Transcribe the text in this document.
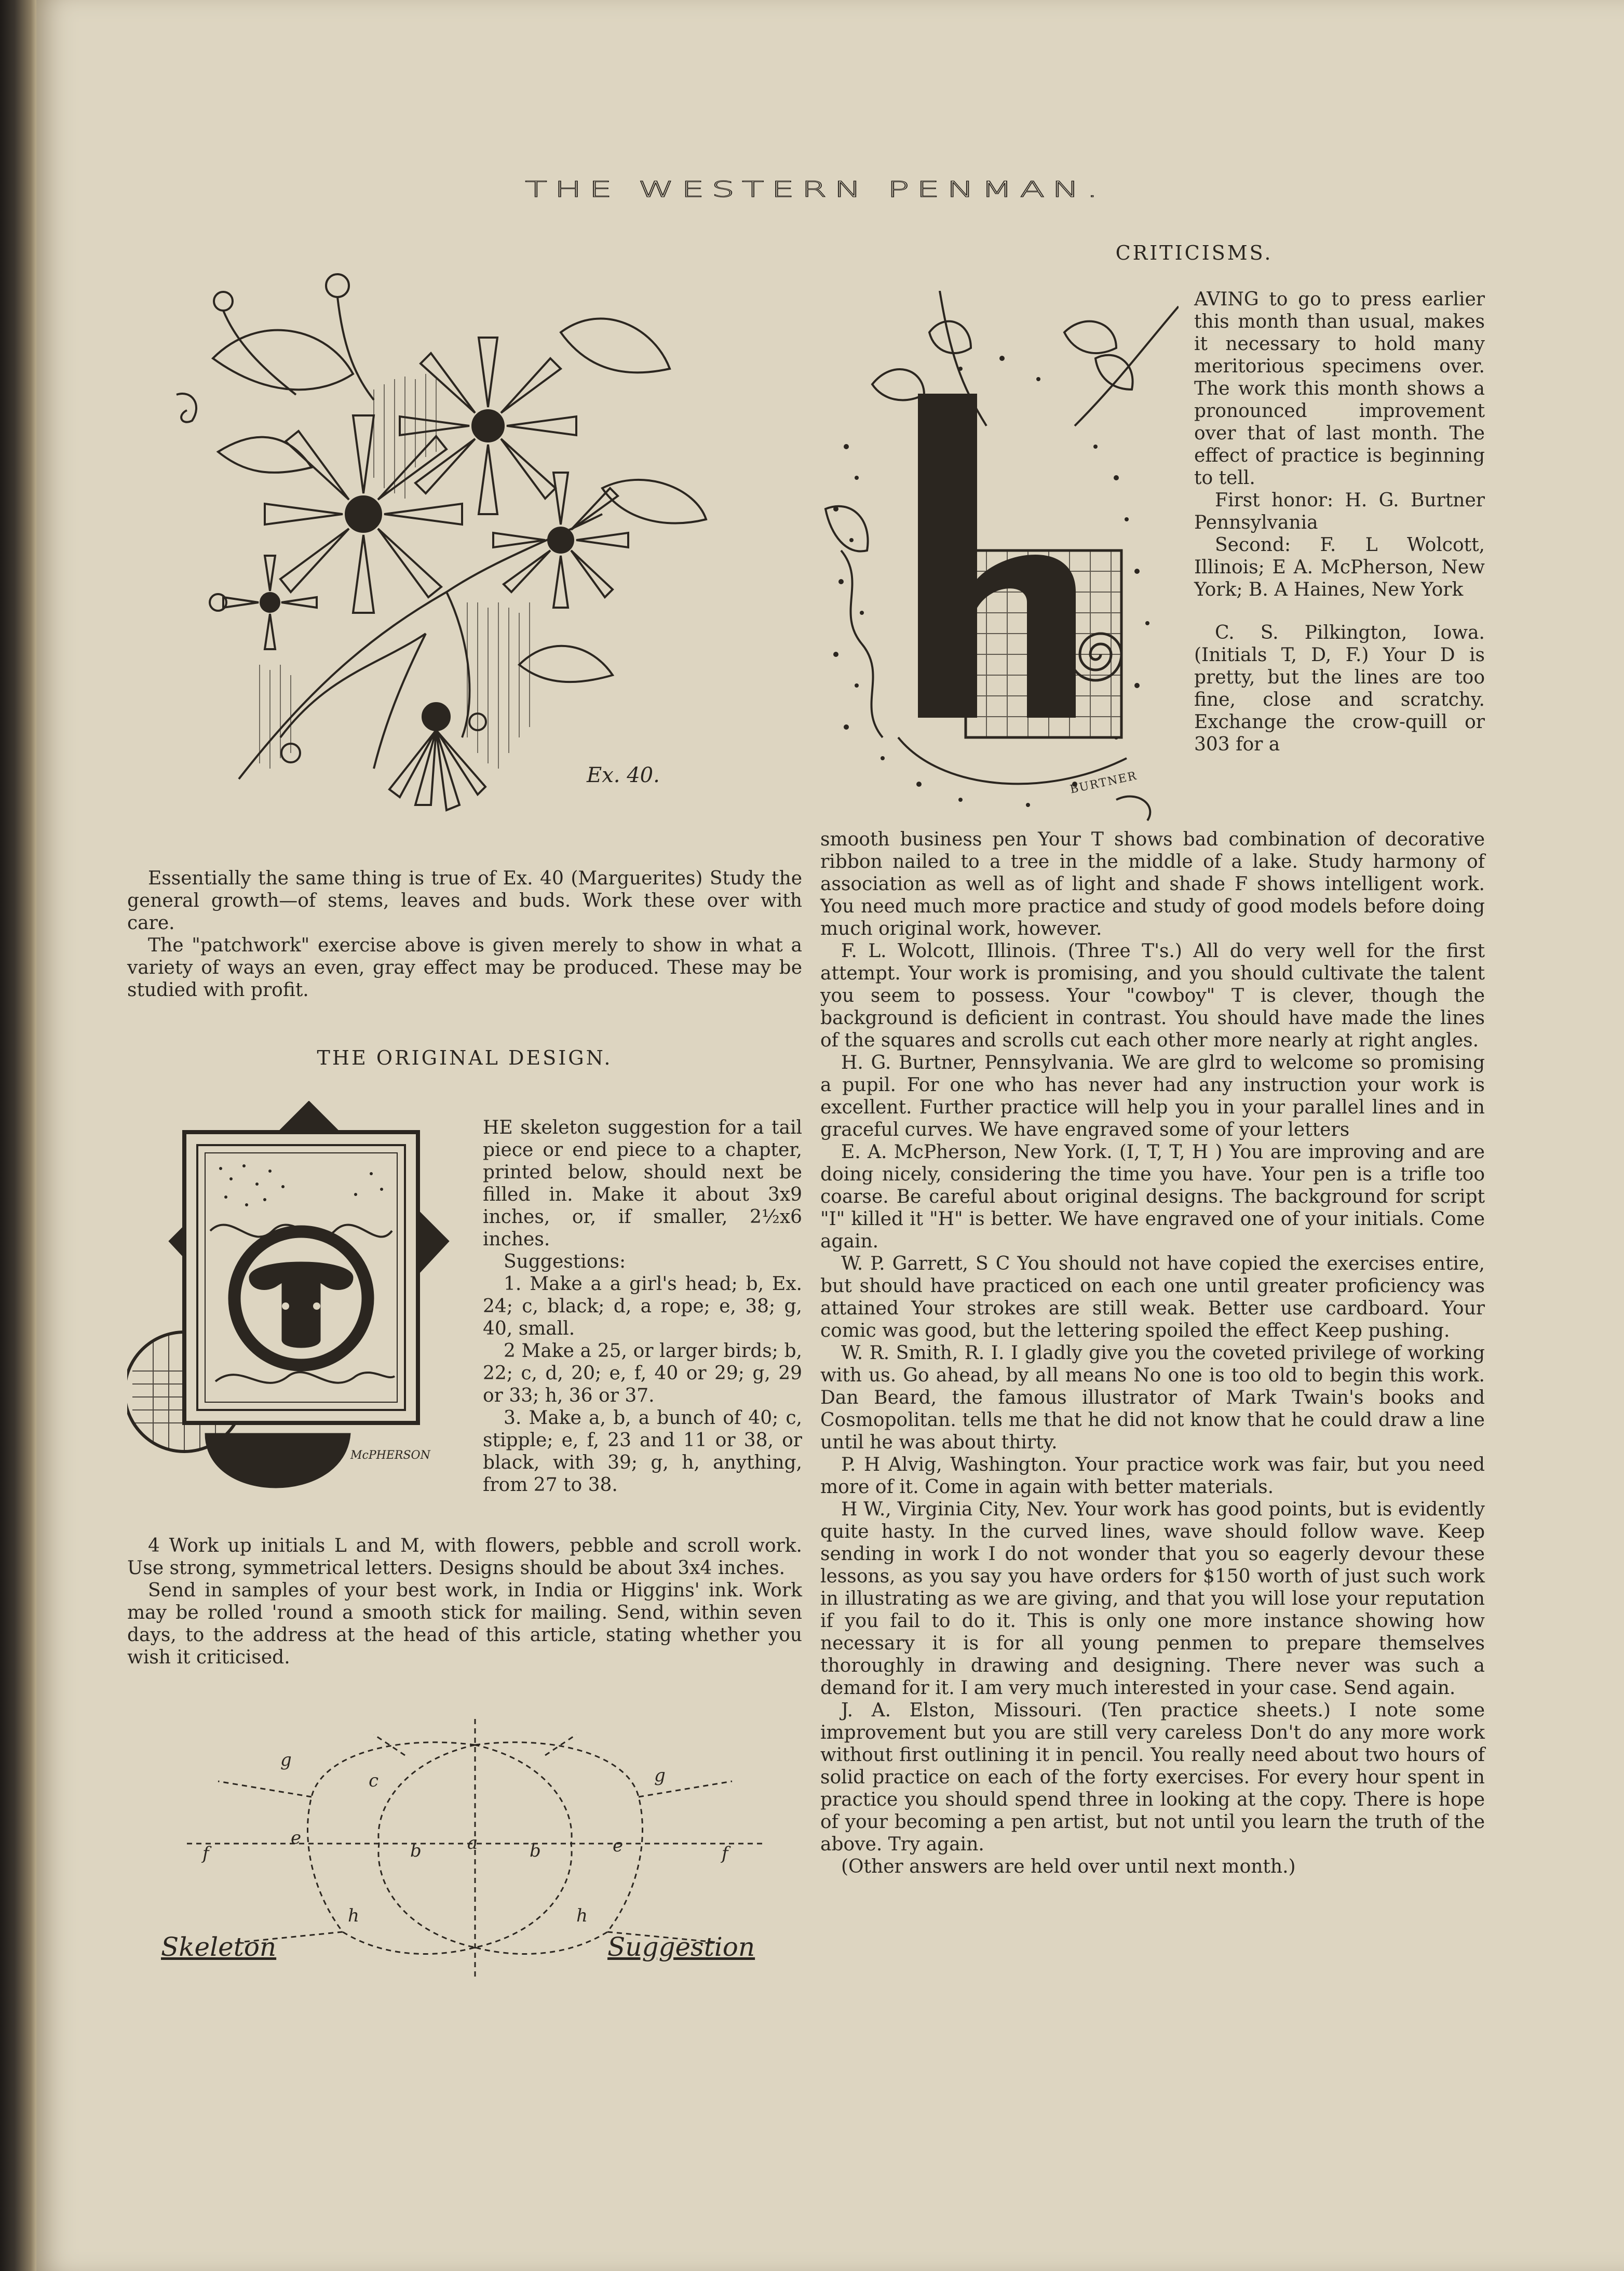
THE WESTERN PENMAN.
Ex. 40.

Essentially the same thing is true of Ex. 40 (Marguerites) Study the general growth—of stems, leaves and buds. Work these over with care.

The "patchwork" exercise above is given merely to show in what a variety of ways an even, gray effect may be produced. These may be studied with profit.

THE ORIGINAL DESIGN.
McPHERSON

HE skeleton suggestion for a tail piece or end piece to a chapter, printed below, should next be filled in. Make it about 3x9 inches, or, if smaller, 2½x6 inches.

Suggestions:

1. Make a a girl's head; b, Ex. 24; c, black; d, a rope; e, 38; g, 40, small.

2 Make a 25, or larger birds; b, 22; c, d, 20; e, f, 40 or 29; g, 29 or 33; h, 36 or 37.

3. Make a, b, a bunch of 40; c, stipple; e, f, 23 and 11 or 38, or black, with 39; g, h, anything, from 27 to 38.

4 Work up initials L and M, with flowers, pebble and scroll work. Use strong, symmetrical letters. Designs should be about 3x4 inches.

Send in samples of your best work, in India or Higgins' ink. Work may be rolled 'round a smooth stick for mailing. Send, within seven days, to the address at the head of this article, stating whether you wish it criticised.

a
b	b
c
e	e
f	f
g
g
h	h
Skeleton	Suggestion
CRITICISMS.
BURTNER

AVING to go to press earlier this month than usual, makes it necessary to hold many meritorious specimens over. The work this month shows a pronounced improvement over that of last month. The effect of practice is beginning to tell.

First honor: H. G. Burtner Pennsylvania

Second: F. L Wolcott, Illinois; E A. McPherson, New York; B. A Haines, New York

C. S. Pilkington, Iowa. (Initials T, D, F.) Your D is pretty, but the lines are too fine, close and scratchy. Exchange the crow-quill or 303 for a

smooth business pen Your T shows bad combination of decorative ribbon nailed to a tree in the middle of a lake. Study harmony of association as well as of light and shade F shows intelligent work. You need much more practice and study of good models before doing much original work, however.

F. L. Wolcott, Illinois. (Three T's.) All do very well for the first attempt. Your work is promising, and you should cultivate the talent you seem to possess. Your "cowboy" T is clever, though the background is deficient in contrast. You should have made the lines of the squares and scrolls cut each other more nearly at right angles.

H. G. Burtner, Pennsylvania. We are glrd to welcome so promising a pupil. For one who has never had any instruction your work is excellent. Further practice will help you in your parallel lines and in graceful curves. We have engraved some of your letters

E. A. McPherson, New York. (I, T, T, H ) You are improving and are doing nicely, considering the time you have. Your pen is a trifle too coarse. Be careful about original designs. The background for script "I" killed it "H" is better. We have engraved one of your initials. Come again.

W. P. Garrett, S C You should not have copied the exercises entire, but should have practiced on each one until greater proficiency was attained Your strokes are still weak. Better use cardboard. Your comic was good, but the lettering spoiled the effect Keep pushing.

W. R. Smith, R. I. I gladly give you the coveted privilege of working with us. Go ahead, by all means No one is too old to begin this work. Dan Beard, the famous illustrator of Mark Twain's books and Cosmopolitan. tells me that he did not know that he could draw a line until he was about thirty.

P. H Alvig, Washington. Your practice work was fair, but you need more of it. Come in again with better materials.

H W., Virginia City, Nev. Your work has good points, but is evidently quite hasty. In the curved lines, wave should follow wave. Keep sending in work I do not wonder that you so eagerly devour these lessons, as you say you have orders for $150 worth of just such work in illustrating as we are giving, and that you will lose your reputation if you fail to do it. This is only one more instance showing how necessary it is for all young penmen to prepare themselves thoroughly in drawing and designing. There never was such a demand for it. I am very much interested in your case. Send again.

J. A. Elston, Missouri. (Ten practice sheets.) I note some improvement but you are still very careless Don't do any more work without first outlining it in pencil. You really need about two hours of solid practice on each of the forty exercises. For every hour spent in practice you should spend three in looking at the copy. There is hope of your becoming a pen artist, but not until you learn the truth of the above. Try again.

(Other answers are held over until next month.)
